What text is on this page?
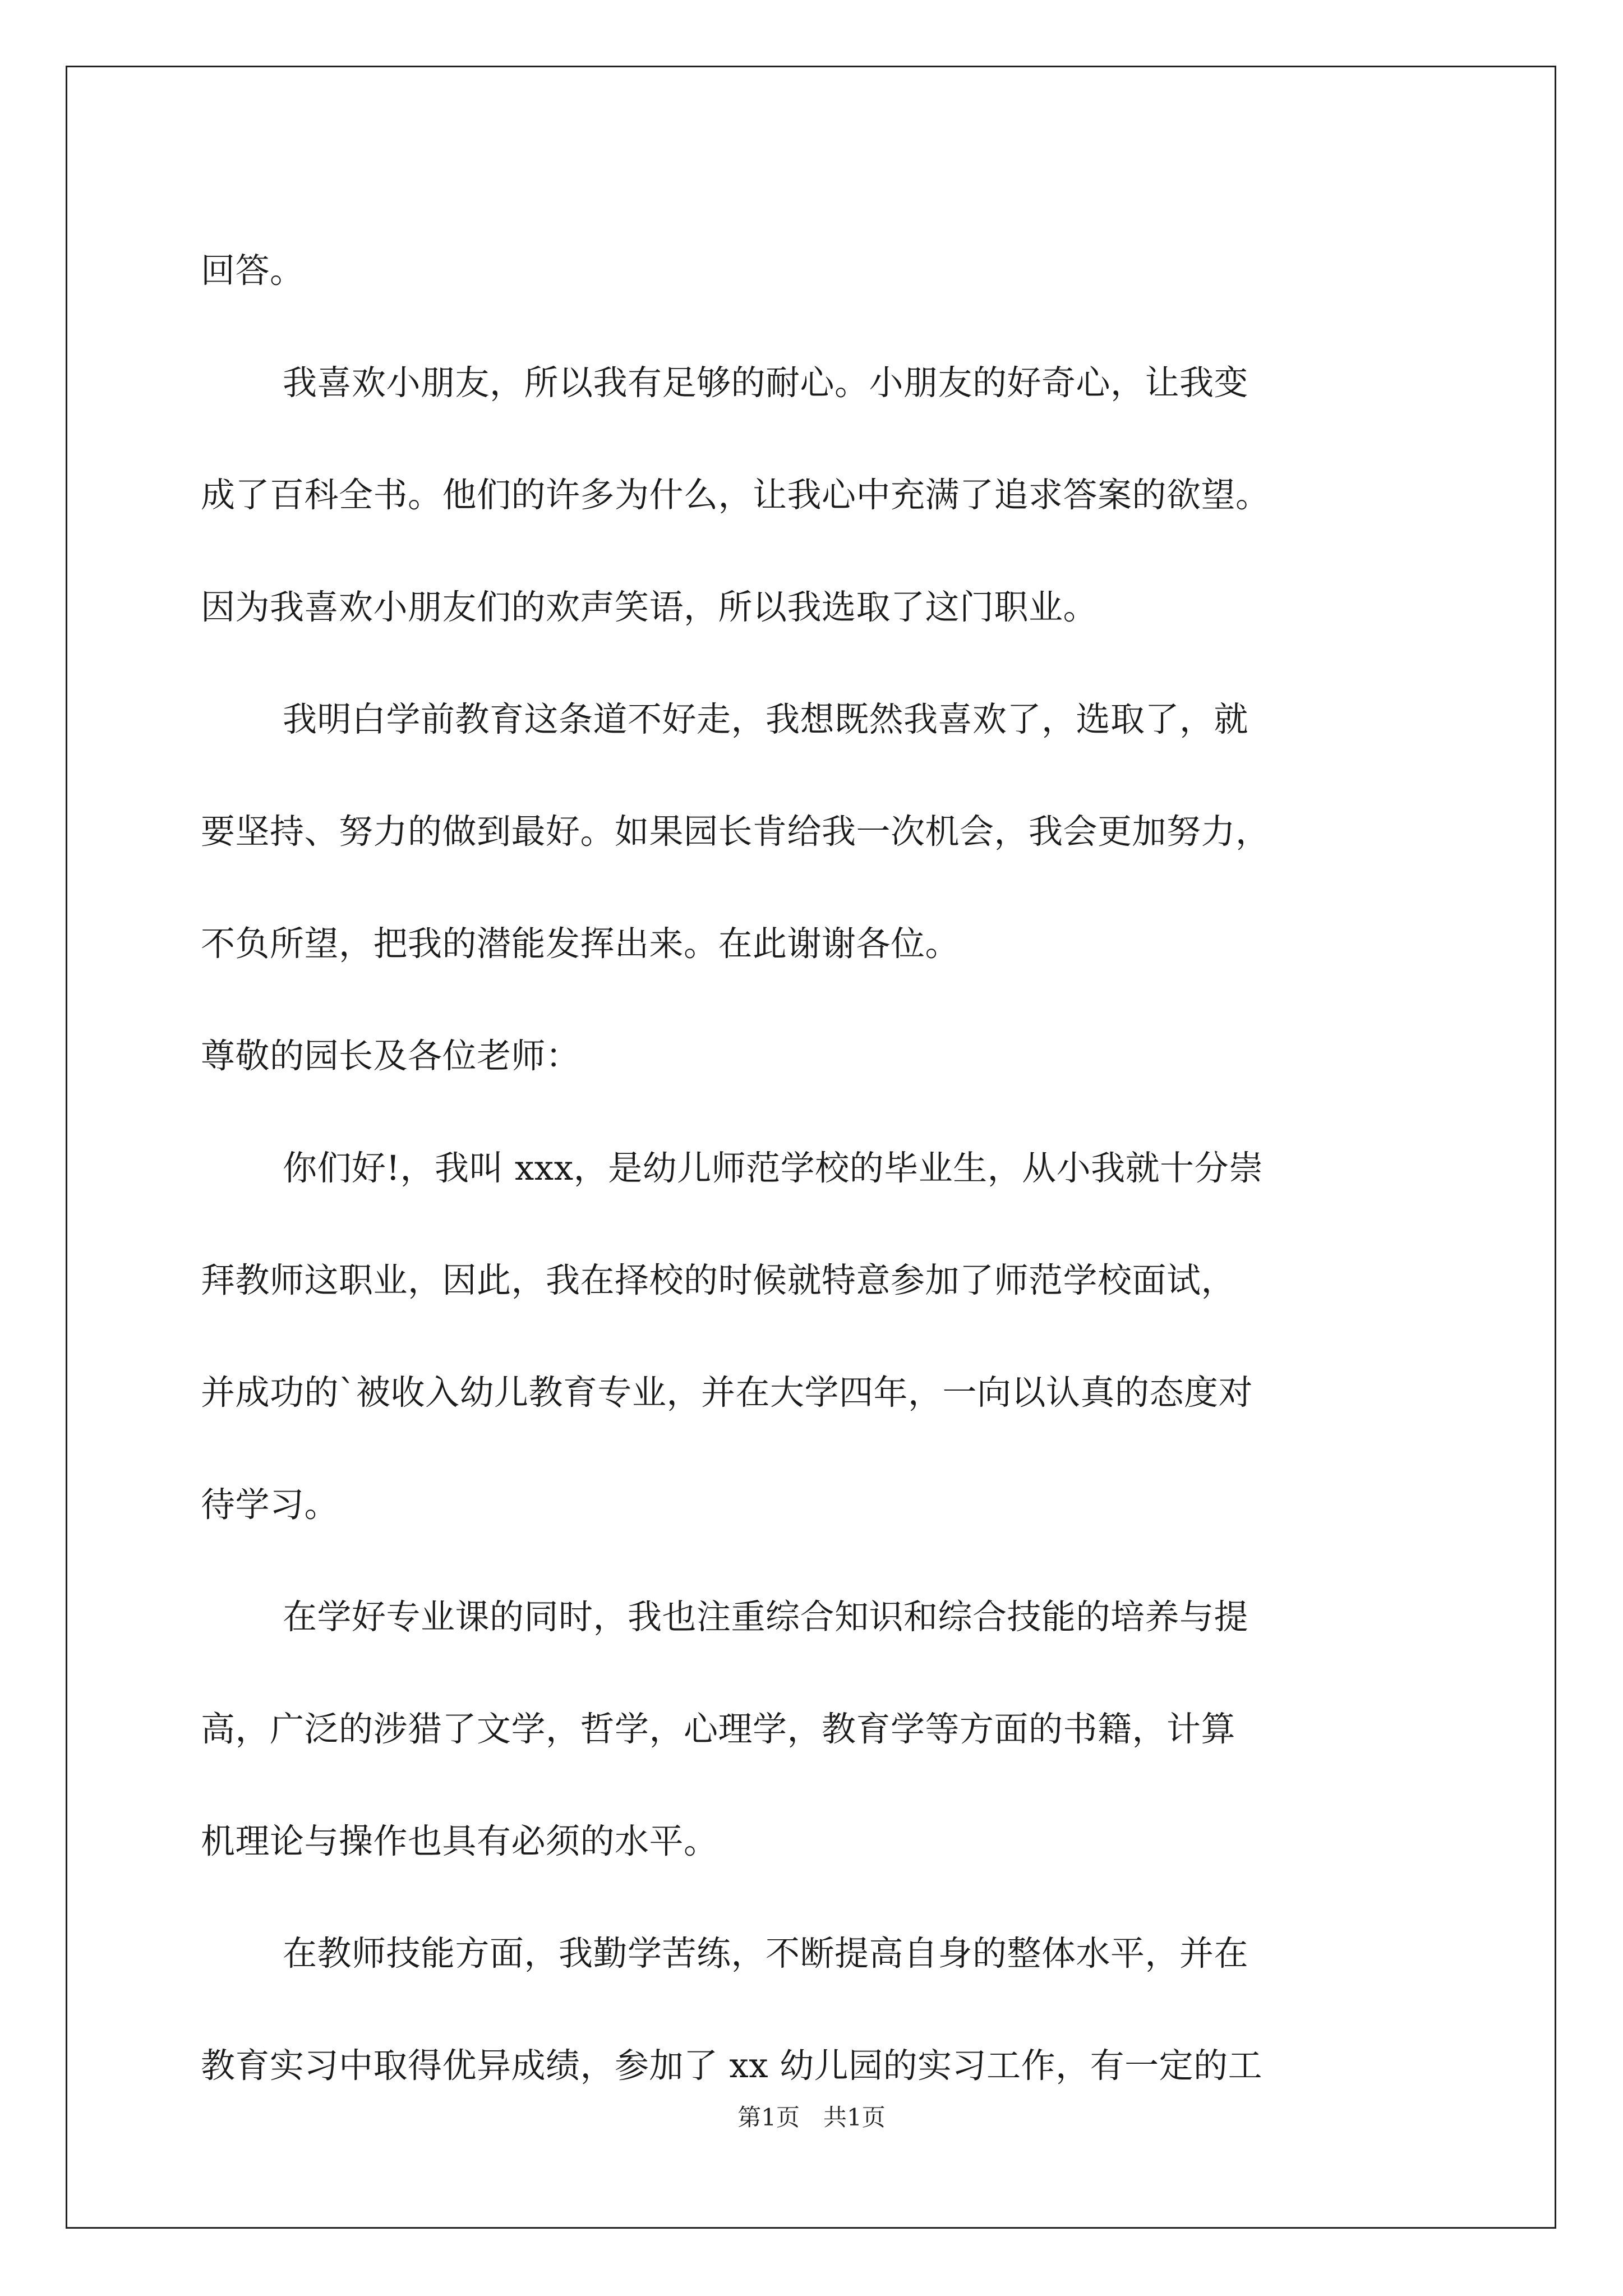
回答。

我喜欢小朋友，所以我有足够的耐心。小朋友的好奇心，让我变

成了百科全书。他们的许多为什么，让我心中充满了追求答案的欲望。

因为我喜欢小朋友们的欢声笑语，所以我选取了这门职业。

我明白学前教育这条道不好走，我想既然我喜欢了，选取了，就

要坚持、努力的做到最好。如果园长肯给我一次机会，我会更加努力，

不负所望，把我的潜能发挥出来。在此谢谢各位。

尊敬的园长及各位老师：

你们好!，我叫 xxx，是幼儿师范学校的毕业生，从小我就十分崇

拜教师这职业，因此，我在择校的时候就特意参加了师范学校面试，

并成功的`被收入幼儿教育专业，并在大学四年，一向以认真的态度对

待学习。

在学好专业课的同时，我也注重综合知识和综合技能的培养与提

高，广泛的涉猎了文学，哲学，心理学，教育学等方面的书籍，计算

机理论与操作也具有必须的水平。

在教师技能方面，我勤学苦练，不断提高自身的整体水平，并在

教育实习中取得优异成绩，参加了 xx 幼儿园的实习工作，有一定的工

第1页　共1页
